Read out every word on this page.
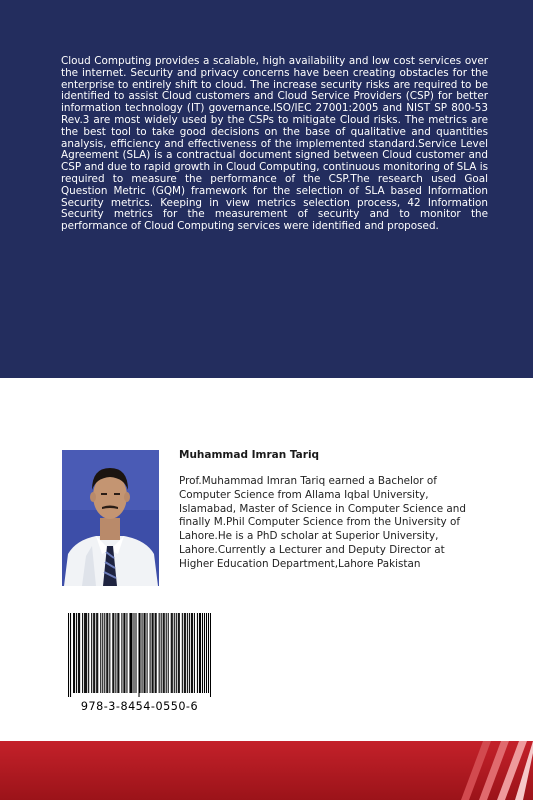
Cloud Computing provides a scalable, high availability and low cost services over the internet. Security and privacy concerns have been creating obstacles for the enterprise to entirely shift to cloud. The increase security risks are required to be identified to assist Cloud customers and Cloud Service Providers (CSP) for better information technology (IT) governance.ISO/IEC 27001:2005 and NIST SP 800-53 Rev.3 are most widely used by the CSPs to mitigate Cloud risks. The metrics are the best tool to take good decisions on the base of qualitative and quantities analysis, efficiency and effectiveness of the implemented standard.Service Level Agreement (SLA) is a contractual document signed between Cloud customer and CSP and due to rapid growth in Cloud Computing, continuous monitoring of SLA is required to measure the performance of the CSP.The research used Goal Question Metric (GQM) framework for the selection of SLA based Information Security metrics. Keeping in view metrics selection process, 42 Information Security metrics for the measurement of security and to monitor the performance of Cloud Computing services were identified and proposed.

Muhammad Imran Tariq
Prof.Muhammad Imran Tariq earned a Bachelor of Computer Science from Allama Iqbal University, Islamabad, Master of Science in Computer Science and finally M.Phil Computer Science from the University of Lahore.He is a PhD scholar at Superior University, Lahore.Currently a Lecturer and Deputy Director at Higher Education Department,Lahore Pakistan
978-3-8454-0550-6
